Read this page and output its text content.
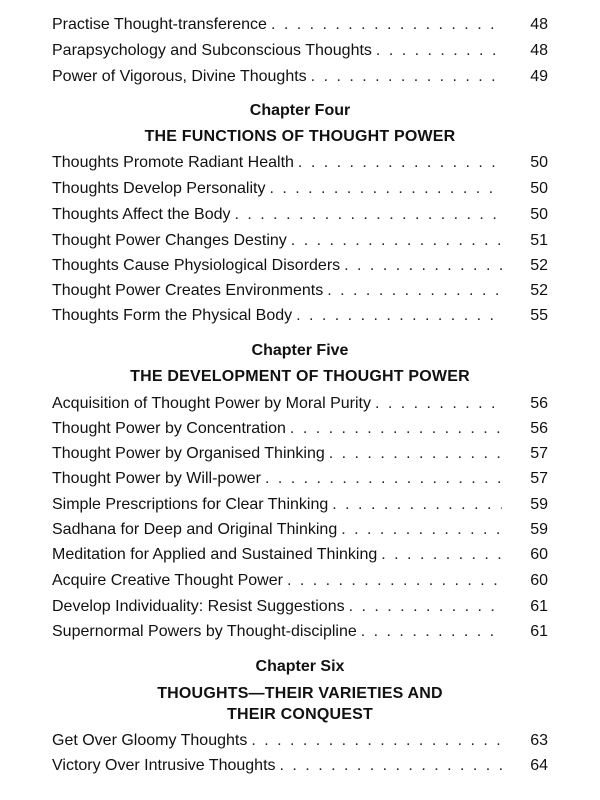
Practise Thought-transference . . .	48
Parapsychology and Subconscious Thoughts . . .	48
Power of Vigorous, Divine Thoughts . . .	49
Chapter Four
THE FUNCTIONS OF THOUGHT POWER
Thoughts Promote Radiant Health . . .	50
Thoughts Develop Personality . . .	50
Thoughts Affect the Body . . .	50
Thought Power Changes Destiny . . .	51
Thoughts Cause Physiological Disorders . . .	52
Thought Power Creates Environments . . .	52
Thoughts Form the Physical Body . . .	55
Chapter Five
THE DEVELOPMENT OF THOUGHT POWER
Acquisition of Thought Power by Moral Purity . . .	56
Thought Power by Concentration . . .	56
Thought Power by Organised Thinking . . .	57
Thought Power by Will-power . . .	57
Simple Prescriptions for Clear Thinking . . .	59
Sadhana for Deep and Original Thinking . . .	59
Meditation for Applied and Sustained Thinking . . .	60
Acquire Creative Thought Power . . .	60
Develop Individuality: Resist Suggestions . . .	61
Supernormal Powers by Thought-discipline . . .	61
Chapter Six
THOUGHTS—THEIR VARIETIES AND
THEIR CONQUEST
Get Over Gloomy Thoughts . . .	63
Victory Over Intrusive Thoughts . . .	64
